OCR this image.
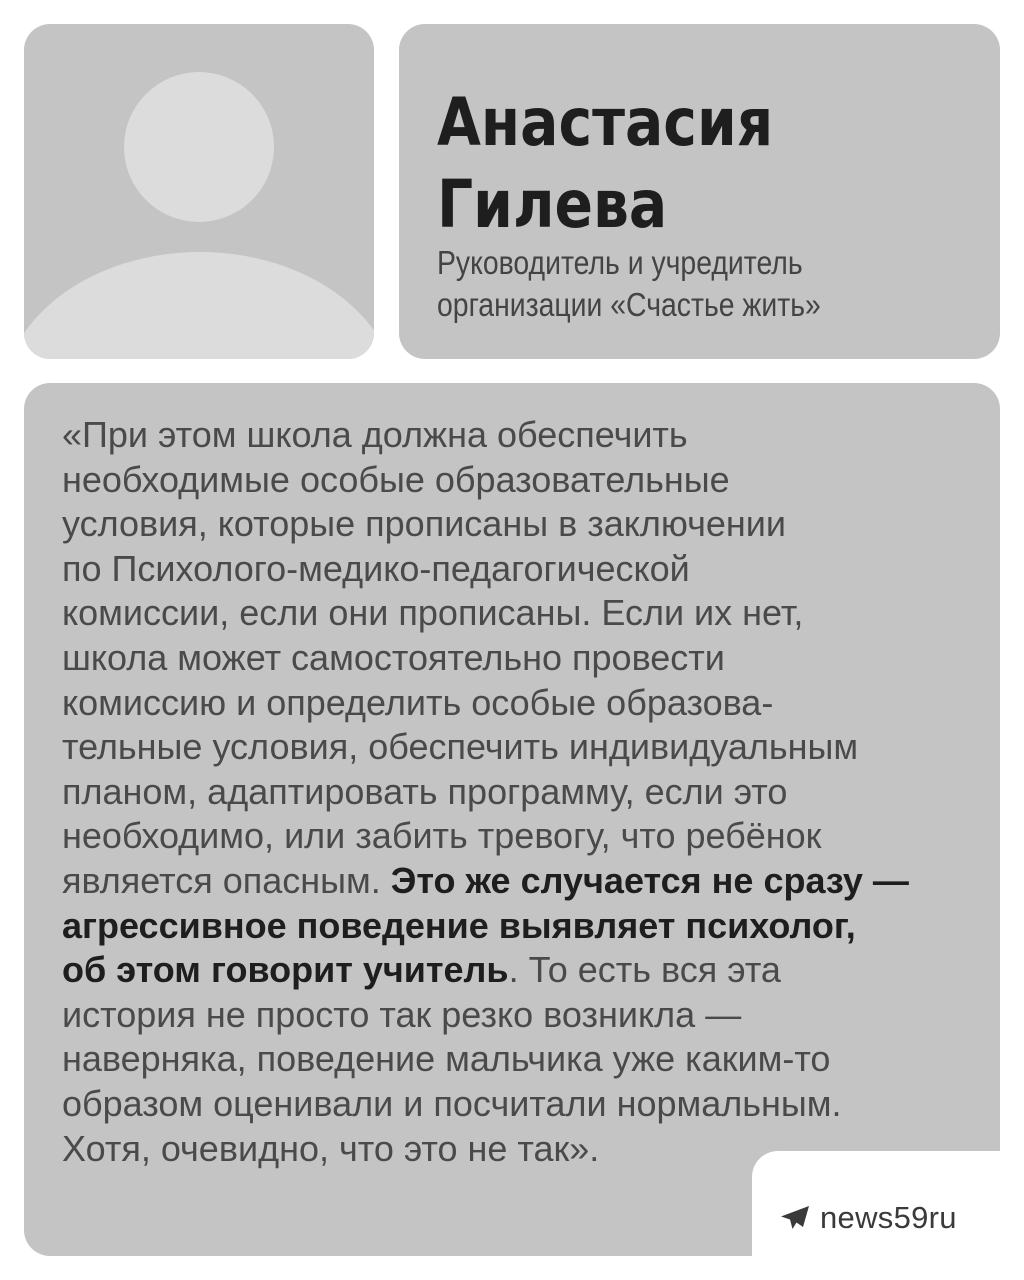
Анастасия
Гилева

Руководитель и учредитель
организации «Счастье жить»

«При этом школа должна обеспечить
необходимые особые образовательные
условия, которые прописаны в заключении
по Психолого-медико-педагогической
комиссии, если они прописаны. Если их нет,
школа может самостоятельно провести
комиссию и определить особые образова-
тельные условия, обеспечить индивидуальным
планом, адаптировать программу, если это
необходимо, или забить тревогу, что ребёнок
является опасным. Это же случается не сразу —
агрессивное поведение выявляет психолог,
об этом говорит учитель. То есть вся эта
история не просто так резко возникла —
наверняка, поведение мальчика уже каким-то
образом оценивали и посчитали нормальным.
Хотя, очевидно, что это не так».

news59ru
